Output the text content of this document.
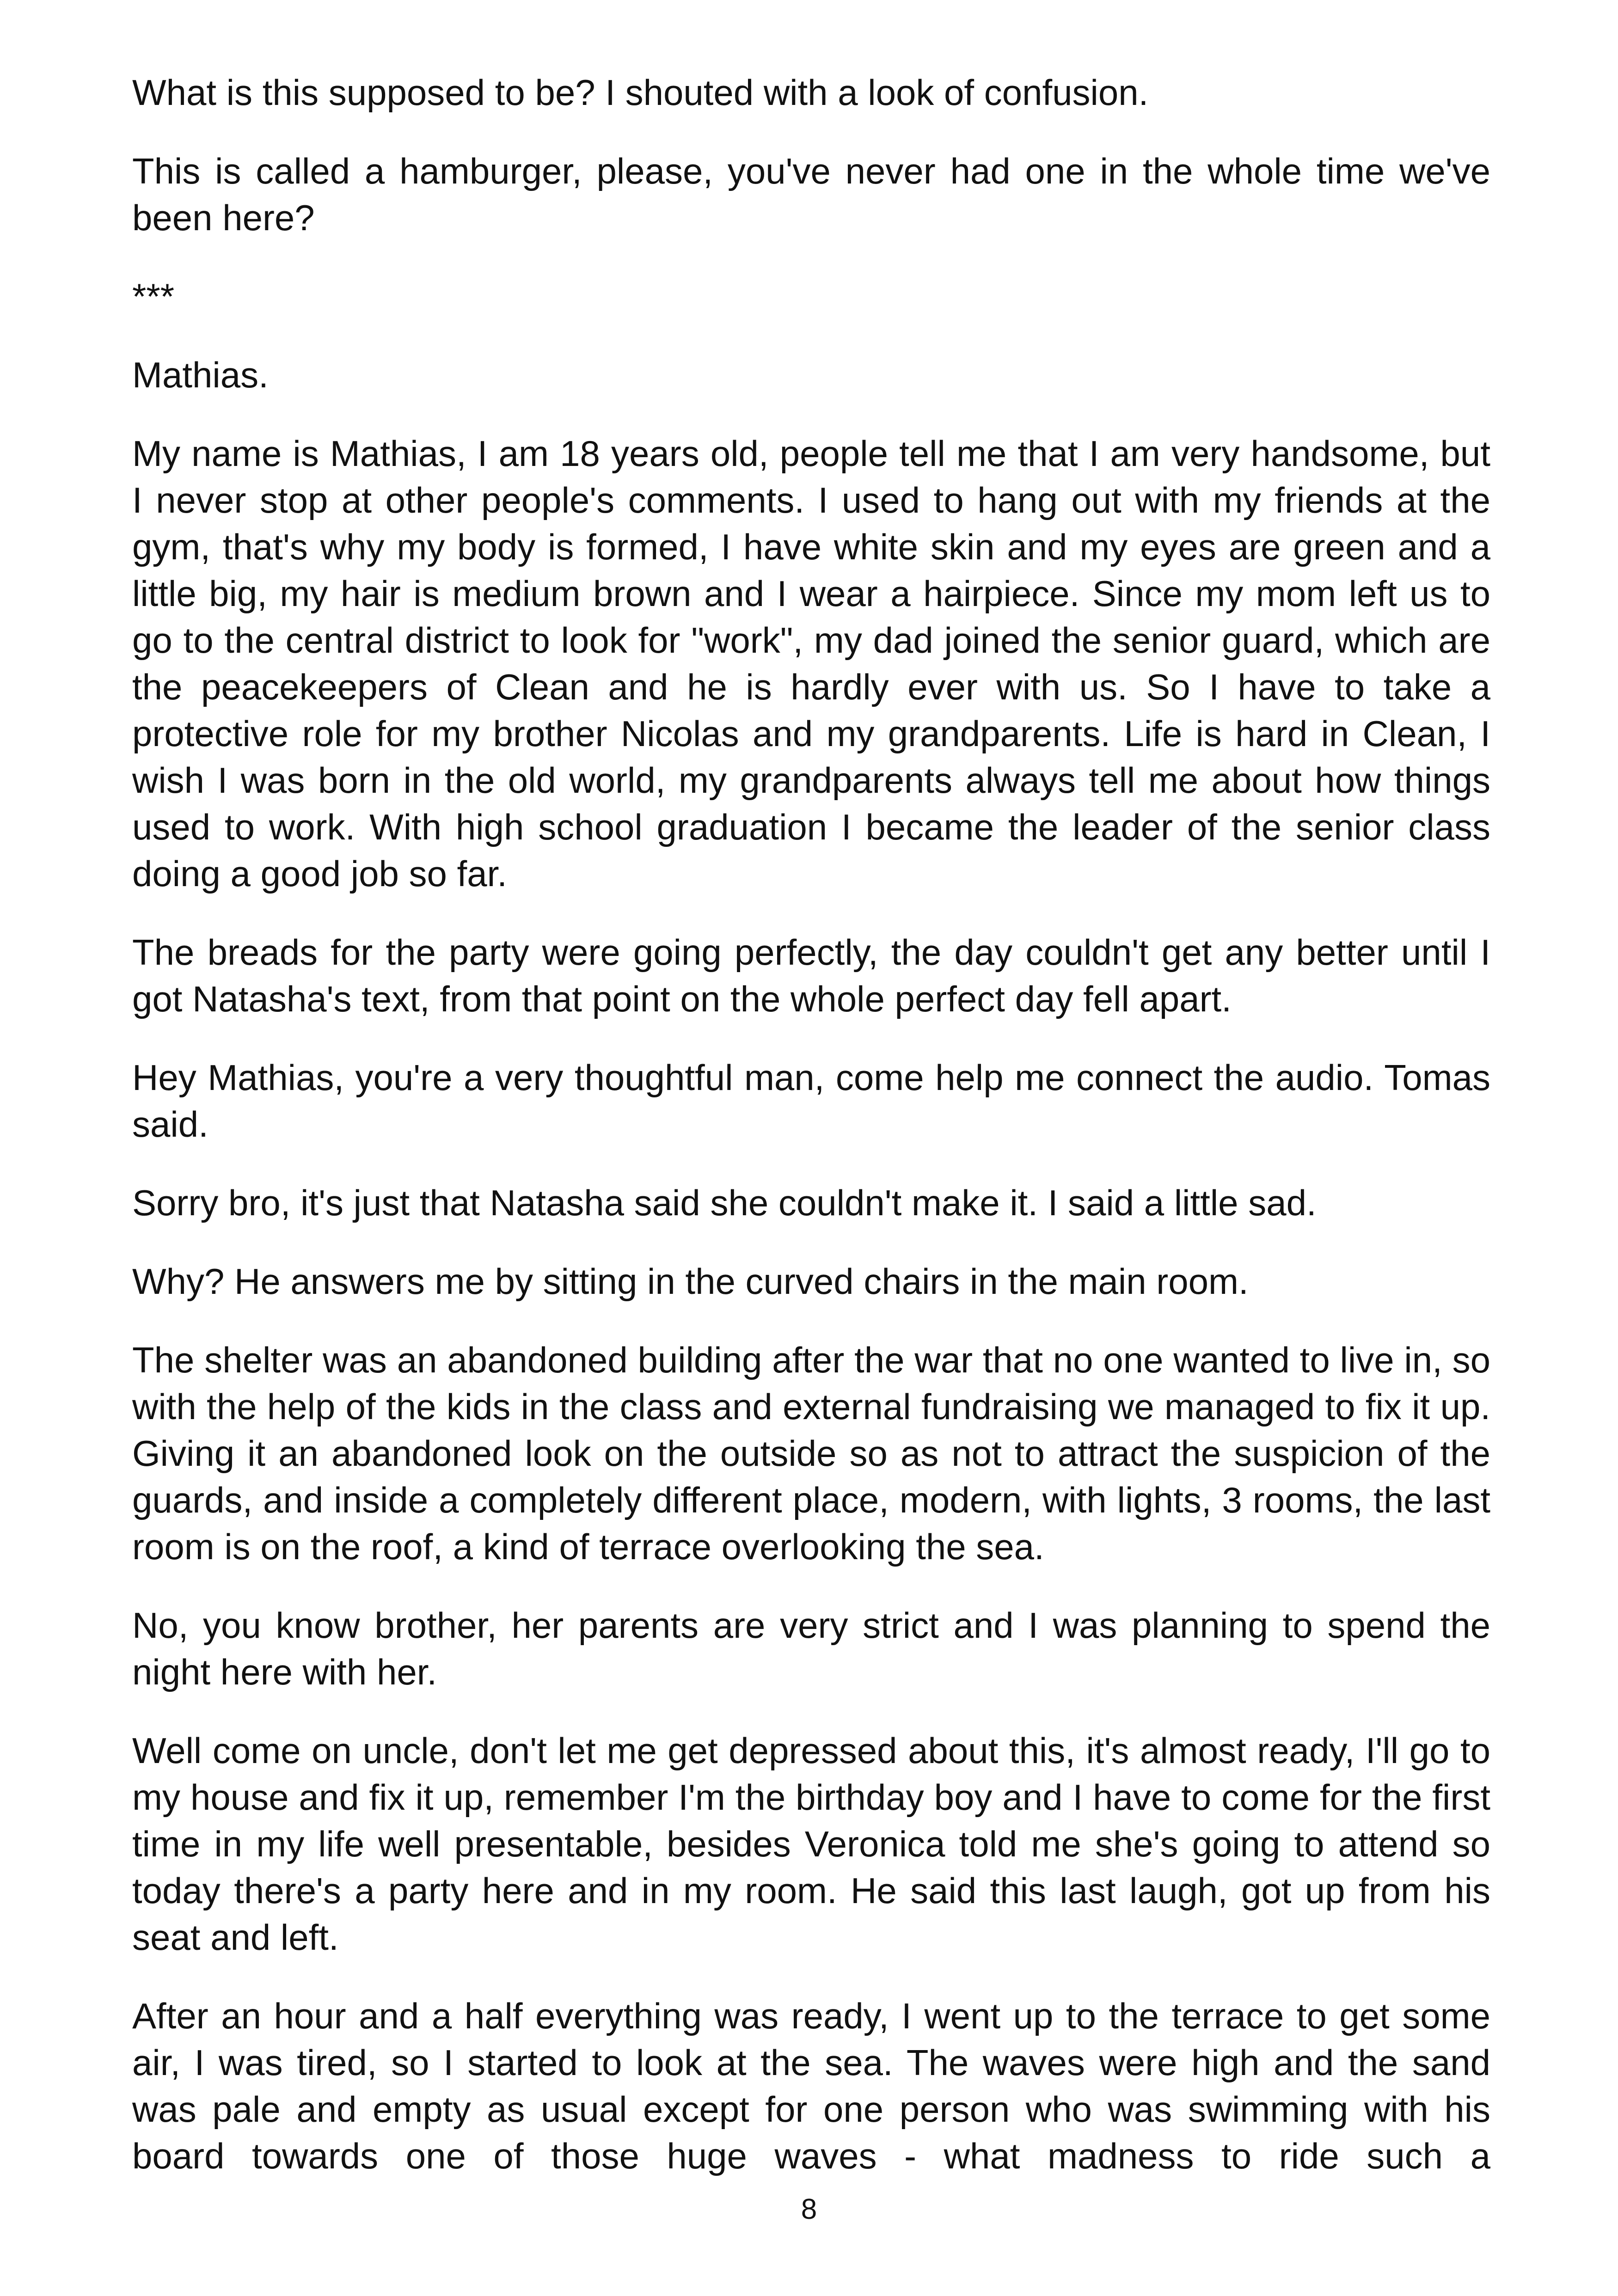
What is this supposed to be? I shouted with a look of confusion.

This is called a hamburger, please, you've never had one in the whole time we've been here?

***

Mathias.

My name is Mathias, I am 18 years old, people tell me that I am very handsome, but I never stop at other people's comments. I used to hang out with my friends at the gym, that's why my body is formed, I have white skin and my eyes are green and a little big, my hair is medium brown and I wear a hairpiece. Since my mom left us to go to the central district to look for "work", my dad joined the senior guard, which are the peacekeepers of Clean and he is hardly ever with us. So I have to take a protective role for my brother Nicolas and my grandparents. Life is hard in Clean, I wish I was born in the old world, my grandparents always tell me about how things used to work. With high school graduation I became the leader of the senior class doing a good job so far.

The breads for the party were going perfectly, the day couldn't get any better until I got Natasha's text, from that point on the whole perfect day fell apart.

Hey Mathias, you're a very thoughtful man, come help me connect the audio. Tomas said.

Sorry bro, it's just that Natasha said she couldn't make it. I said a little sad.

Why? He answers me by sitting in the curved chairs in the main room.

The shelter was an abandoned building after the war that no one wanted to live in, so with the help of the kids in the class and external fundraising we managed to fix it up. Giving it an abandoned look on the outside so as not to attract the suspicion of the guards, and inside a completely different place, modern, with lights, 3 rooms, the last room is on the roof, a kind of terrace overlooking the sea.

No, you know brother, her parents are very strict and I was planning to spend the night here with her.

Well come on uncle, don't let me get depressed about this, it's almost ready, I'll go to my house and fix it up, remember I'm the birthday boy and I have to come for the first time in my life well presentable, besides Veronica told me she's going to attend so today there's a party here and in my room. He said this last laugh, got up from his seat and left.

After an hour and a half everything was ready, I went up to the terrace to get some air, I was tired, so I started to look at the sea. The waves were high and the sand was pale and empty as usual except for one person who was swimming with his board towards one of those huge waves - what madness to ride such a

8
